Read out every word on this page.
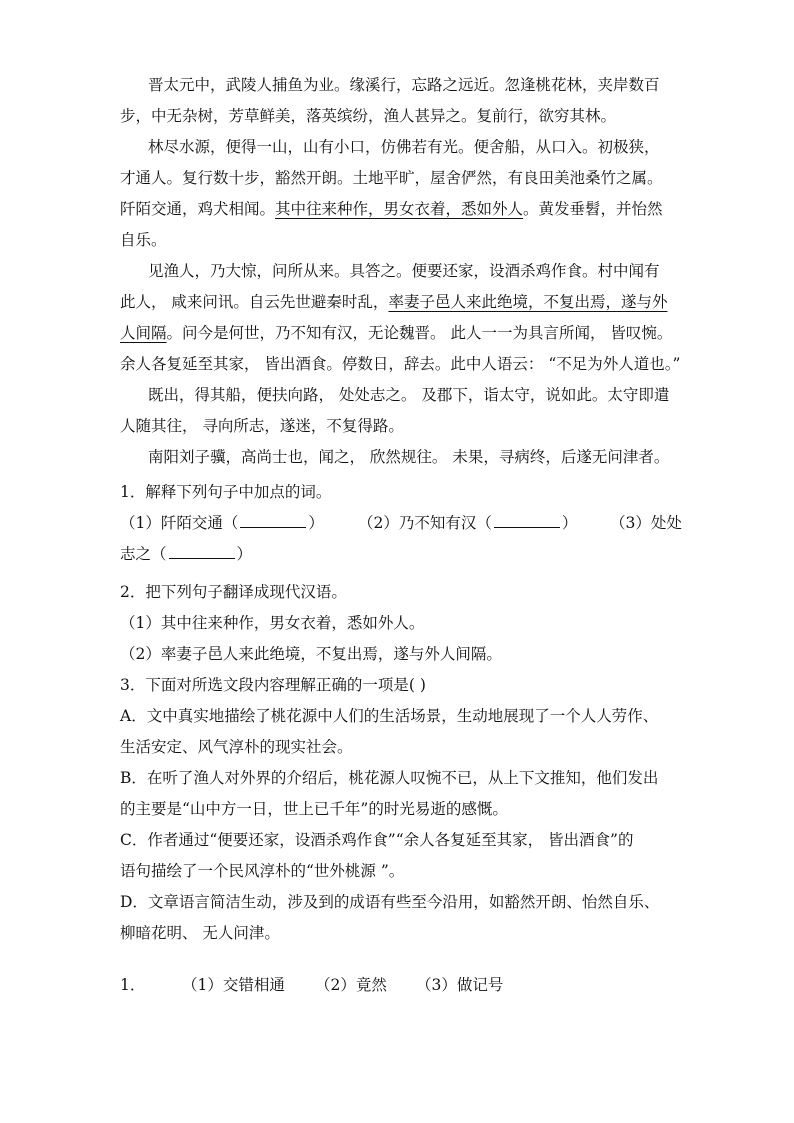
晋太元中，武陵人捕鱼为业。缘溪行，忘路之远近。忽逢桃花林，夹岸数百
步，中无杂树，芳草鲜美，落英缤纷，渔人甚异之。复前行，欲穷其林。
林尽水源，便得一山，山有小口，仿佛若有光。便舍船，从口入。初极狭，
才通人。复行数十步，豁然开朗。土地平旷，屋舍俨然，有良田美池桑竹之属。
阡陌交通，鸡犬相闻。其中往来种作，男女衣着，悉如外人。黄发垂髫，并怡然
自乐。
见渔人，乃大惊，问所从来。具答之。便要还家，设酒杀鸡作食。村中闻有
此人， 咸来问讯。自云先世避秦时乱，率妻子邑人来此绝境，不复出焉，遂与外
人间隔。问今是何世，乃不知有汉，无论魏晋。 此人一一为具言所闻， 皆叹惋。
余人各复延至其家， 皆出酒食。停数日，辞去。此中人语云： “不足为外人道也。”
既出，得其船，便扶向路， 处处志之。 及郡下，诣太守，说如此。太守即遣
人随其往， 寻向所志，遂迷，不复得路。
南阳刘子骥，高尚士也，闻之， 欣然规往。 未果，寻病终，后遂无问津者。
1．解释下列句子中加点的词。
（1）阡陌交通（	） （2）乃不知有汉（	） （3）处处
志之（	）
2．把下列句子翻译成现代汉语。
（1）其中往来种作，男女衣着，悉如外人。
（2）率妻子邑人来此绝境，不复出焉，遂与外人间隔。
3．下面对所选文段内容理解正确的一项是( )
A．文中真实地描绘了桃花源中人们的生活场景，生动地展现了一个人人劳作、
生活安定、风气淳朴的现实社会。
B．在听了渔人对外界的介绍后，桃花源人叹惋不已，从上下文推知，他们发出
的主要是“山中方一日，世上已千年”的时光易逝的感慨。
C．作者通过“便要还家，设酒杀鸡作食”“余人各复延至其家， 皆出酒食”的
语句描绘了一个民风淳朴的“世外桃源 ”。
D．文章语言简洁生动，涉及到的成语有些至今沿用，如豁然开朗、怡然自乐、
柳暗花明、 无人问津。
1． （1）交错相通 （2）竟然 （3）做记号
